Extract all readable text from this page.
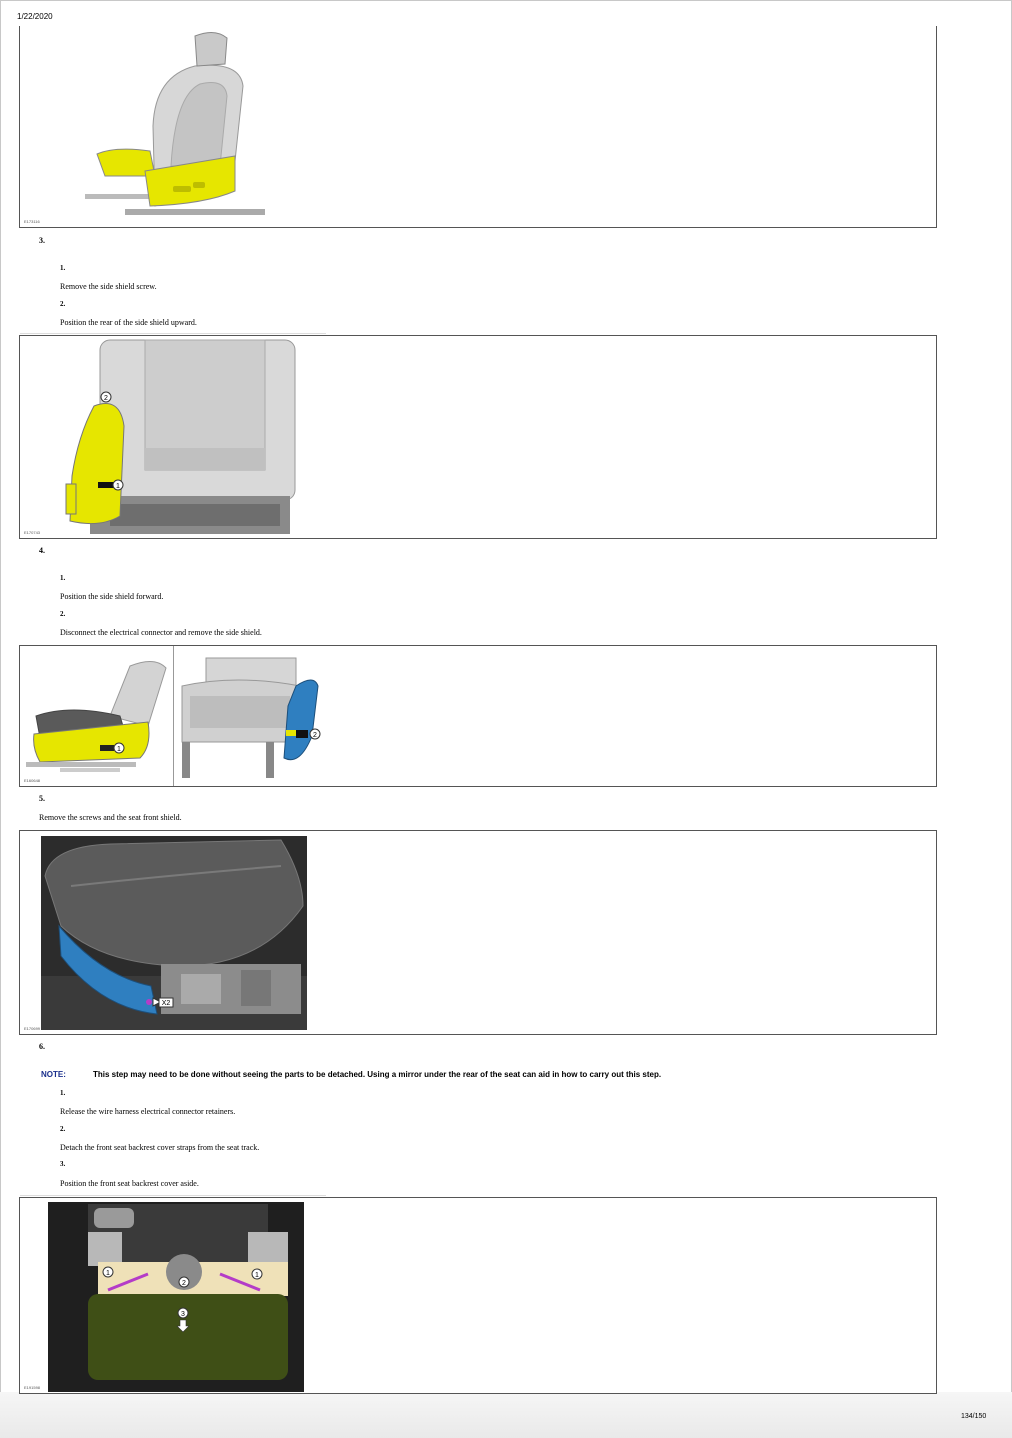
1/22/2020
E173116
3.
1.
Remove the side shield screw.
2.
Position the rear of the side shield upward.
1
2
E170743
4.
1.
Position the side shield forward.
2.
Disconnect the electrical connector and remove the side shield.
1
2
E160648
5.
Remove the screws and the seat front shield.
X2
E170699
6.
NOTE:	This step may need to be done without seeing the parts to be detached. Using a mirror under the rear of the seat can aid in how to carry out this step.
1.
Release the wire harness electrical connector retainers.
2.
Detach the front seat backrest cover straps from the seat track.
3.
Position the front seat backrest cover aside.
1	1
2
3
E191598
134/150
